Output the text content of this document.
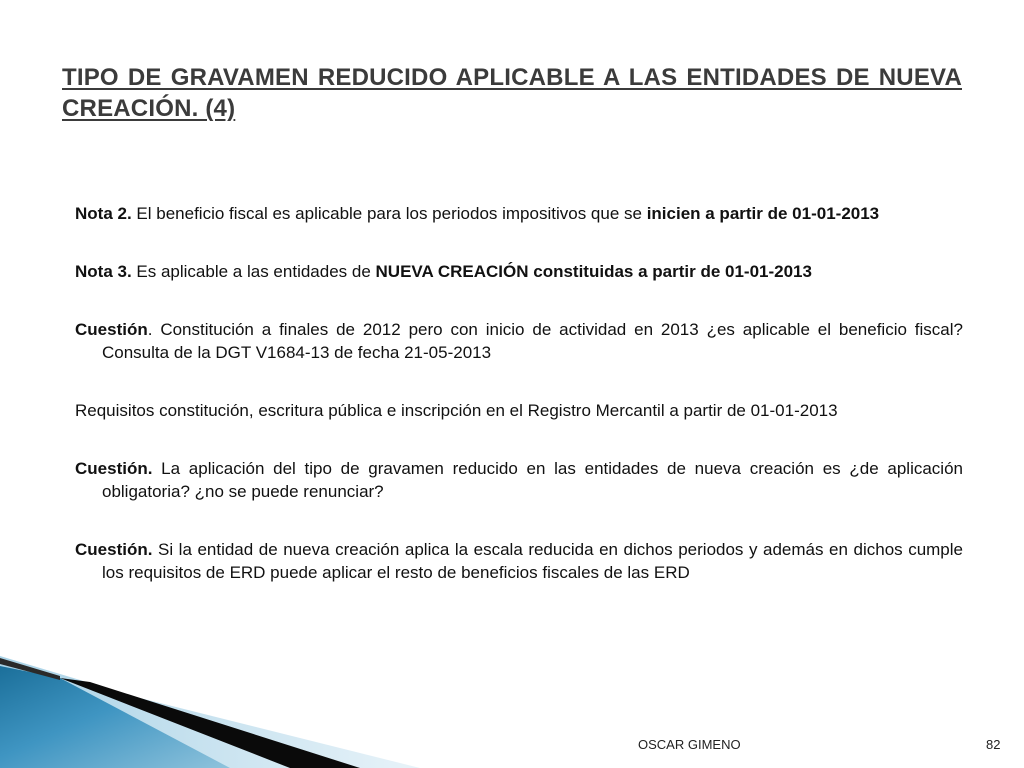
TIPO DE GRAVAMEN REDUCIDO APLICABLE A LAS ENTIDADES DE NUEVA CREACIÓN. (4)

Nota 2. El beneficio fiscal es aplicable para los periodos impositivos que se inicien a partir de 01-01-2013

Nota 3. Es aplicable a las entidades de NUEVA CREACIÓN constituidas a partir de 01-01-2013

Cuestión. Constitución a finales de 2012 pero con inicio de actividad en 2013 ¿es aplicable el beneficio fiscal? Consulta de la DGT V1684-13 de fecha 21-05-2013

Requisitos constitución, escritura pública e inscripción en el Registro Mercantil a partir de 01-01-2013

Cuestión. La aplicación del tipo de gravamen reducido en las entidades de nueva creación es ¿de aplicación obligatoria? ¿no se puede renunciar?

Cuestión. Si la entidad de nueva creación aplica la escala reducida en dichos periodos y además en dichos cumple los requisitos de ERD puede aplicar el resto de beneficios fiscales de las ERD

OSCAR GIMENO	82
